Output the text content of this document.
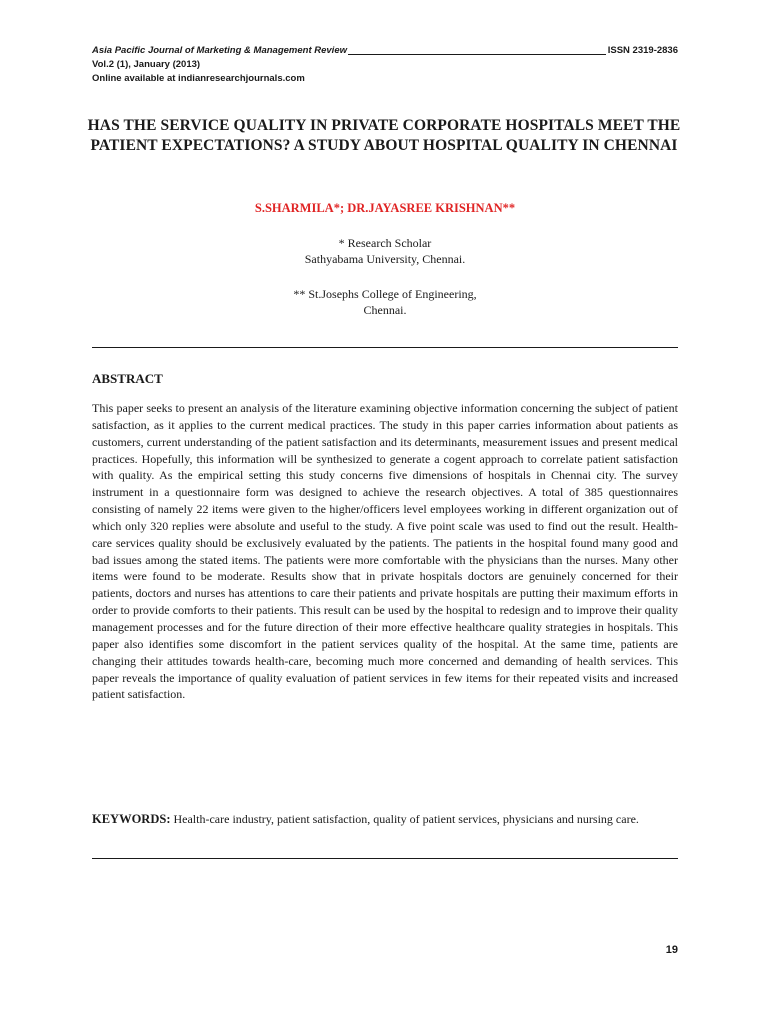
Asia Pacific Journal of Marketing & Management Review	ISSN 2319-2836
Vol.2 (1), January (2013)
Online available at indianresearchjournals.com
HAS THE SERVICE QUALITY IN PRIVATE CORPORATE HOSPITALS MEET THE PATIENT EXPECTATIONS? A STUDY ABOUT HOSPITAL QUALITY IN CHENNAI
S.SHARMILA*; DR.JAYASREE KRISHNAN**
* Research Scholar
Sathyabama University, Chennai.
** St.Josephs College of Engineering,
Chennai.
ABSTRACT
This paper seeks to present an analysis of the literature examining objective information concerning the subject of patient satisfaction, as it applies to the current medical practices. The study in this paper carries information about patients as customers, current understanding of the patient satisfaction and its determinants, measurement issues and present medical practices. Hopefully, this information will be synthesized to generate a cogent approach to correlate patient satisfaction with quality. As the empirical setting this study concerns five dimensions of hospitals in Chennai city. The survey instrument in a questionnaire form was designed to achieve the research objectives. A total of 385 questionnaires consisting of namely 22 items were given to the higher/officers level employees working in different organization out of which only 320 replies were absolute and useful to the study. A five point scale was used to find out the result. Health-care services quality should be exclusively evaluated by the patients. The patients in the hospital found many good and bad issues among the stated items. The patients were more comfortable with the physicians than the nurses. Many other items were found to be moderate. Results show that in private hospitals doctors are genuinely concerned for their patients, doctors and nurses has attentions to care their patients and private hospitals are putting their maximum efforts in order to provide comforts to their patients. This result can be used by the hospital to redesign and to improve their quality management processes and for the future direction of their more effective healthcare quality strategies in hospitals. This paper also identifies some discomfort in the patient services quality of the hospital. At the same time, patients are changing their attitudes towards health-care, becoming much more concerned and demanding of health services. This paper reveals the importance of quality evaluation of patient services in few items for their repeated visits and increased patient satisfaction.
KEYWORDS: Health-care industry, patient satisfaction, quality of patient services, physicians and nursing care.
19
